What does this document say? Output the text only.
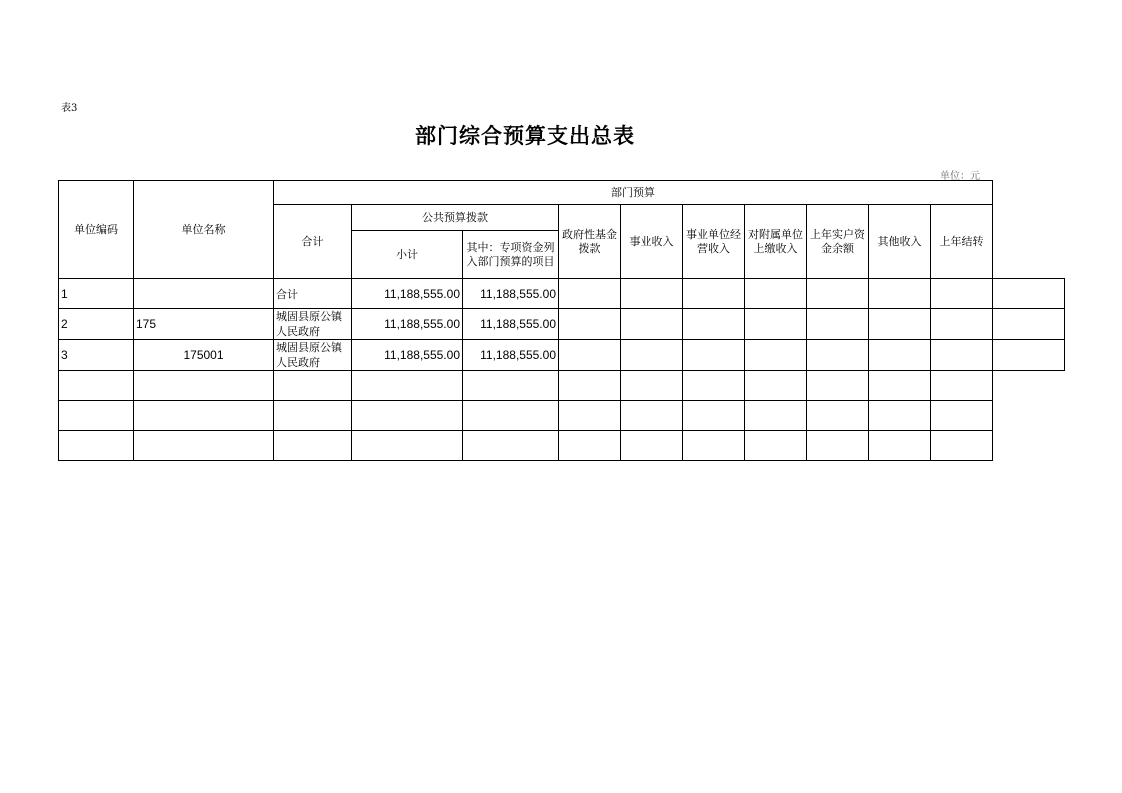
表3
部门综合预算支出总表
单位：元
单位编码	单位名称	部门预算										
		合计	公共预算拨款		政府性基金拨款	事业收入	事业单位经营收入	对附属单位上缴收入	上年实户资金余额	其他收入	上年结转	
			小计	其中：专项资金列入部门预算的项目								
1		合计	11,188,555.00	11,188,555.00								
2	175	城固县原公镇人民政府	11,188,555.00	11,188,555.00								
3	175001	城固县原公镇人民政府	11,188,555.00	11,188,555.00								
